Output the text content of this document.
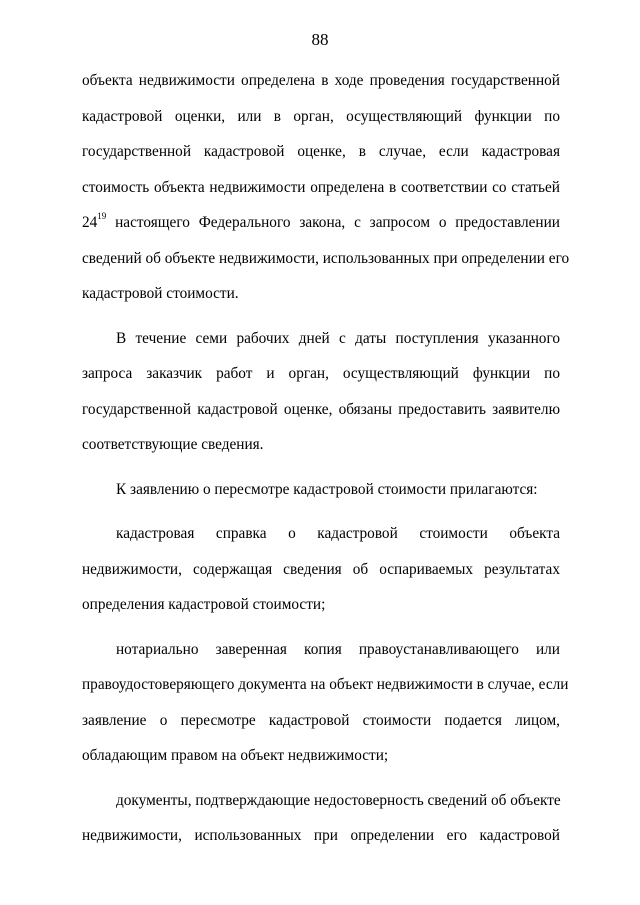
88

объекта недвижимости определена в ходе проведения государственной
кадастровой оценки, или в орган, осуществляющий функции по
государственной кадастровой оценке, в случае, если кадастровая
стоимость объекта недвижимости определена в соответствии со статьей
$24^{19}$ настоящего Федерального закона, с запросом о предоставлении
сведений об объекте недвижимости, использованных при определении его
кадастровой стоимости.

В течение семи рабочих дней с даты поступления указанного
запроса заказчик работ и орган, осуществляющий функции по
государственной кадастровой оценке, обязаны предоставить заявителю
соответствующие сведения.

К заявлению о пересмотре кадастровой стоимости прилагаются:

кадастровая справка о кадастровой стоимости объекта
недвижимости, содержащая сведения об оспариваемых результатах
определения кадастровой стоимости;

нотариально заверенная копия правоустанавливающего или
правоудостоверяющего документа на объект недвижимости в случае, если
заявление о пересмотре кадастровой стоимости подается лицом,
обладающим правом на объект недвижимости;

документы, подтверждающие недостоверность сведений об объекте
недвижимости, использованных при определении его кадастровой
